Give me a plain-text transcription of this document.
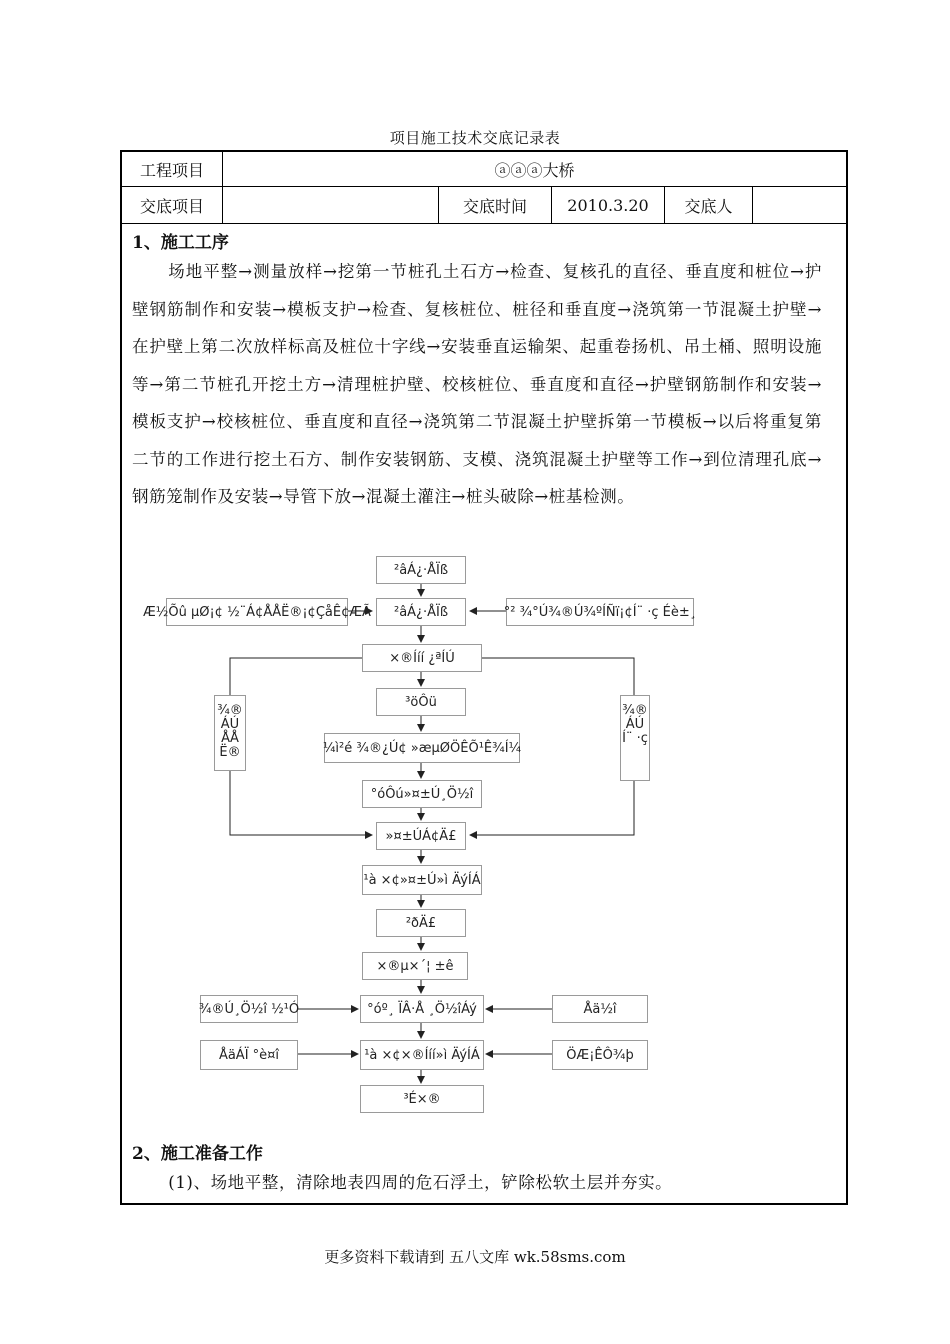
项目施工技术交底记录表
工程项目	ⓐⓐⓐ大桥
交底项目	交底时间	2010.3.20	交底人
1、施工工序
场地平整→测量放样→挖第一节桩孔土石方→检查、复核孔的直径、垂直度和桩位→护壁钢筋制作和安装→模板支护→检查、复核桩位、桩径和垂直度→浇筑第一节混凝土护壁→在护壁上第二次放样标高及桩位十字线→安装垂直运输架、起重卷扬机、吊土桶、照明设施等→第二节桩孔开挖土方→清理桩护壁、校核桩位、垂直度和直径→护壁钢筋制作和安装→模板支护→校核桩位、垂直度和直径→浇筑第二节混凝土护壁拆第一节模板→以后将重复第二节的工作进行挖土石方、制作安装钢筋、支模、浇筑混凝土护壁等工作→到位清理孔底→钢筋笼制作及安装→导管下放→混凝土灌注→桩头破除→桩基检测。
2、施工准备工作
(1)、场地平整，清除地表四周的危石浮土，铲除松软土层并夯实。
²âÁ¿·ÅÏß
²âÁ¿·ÅÏß
Æ½Õû µØ¡¢ ½¨Á¢ÅÅË®¡¢ÇåÊ¢ÆÃ	°² ¾°Ú¾®Ú¾ºÍÑï¡¢Í¨ ·ç Éè±¸
×®Ííí ¿ªÍÚ
³öÔü
¼ì²é ¾®¿Ú¢ »æµØÖÊÕ¹Ê¾Í¼
°óÔú»¤±Ú¸Ö½î
»¤±ÚÁ¢Ä£
¹à ×¢»¤±Ú»ì ÄýÍÁ
²ðÄ£
×®µ×´¦ ±ê
°óº¸ ÏÂ·Å ¸Ö½îÁý
¹à ×¢×®Ííí»ì ÄýÍÁ
³É×®
¾® ÁÚ ÅÅ Ë®
¾® ÁÚ Í¨ ·ç
¾®Ú¸Ö½î ½¹Ó	Åä½î
ÅäÁÏ °è¤î	ÖÆ¡ÊÔ¾þ
更多资料下载请到 五八文库 wk.58sms.com
